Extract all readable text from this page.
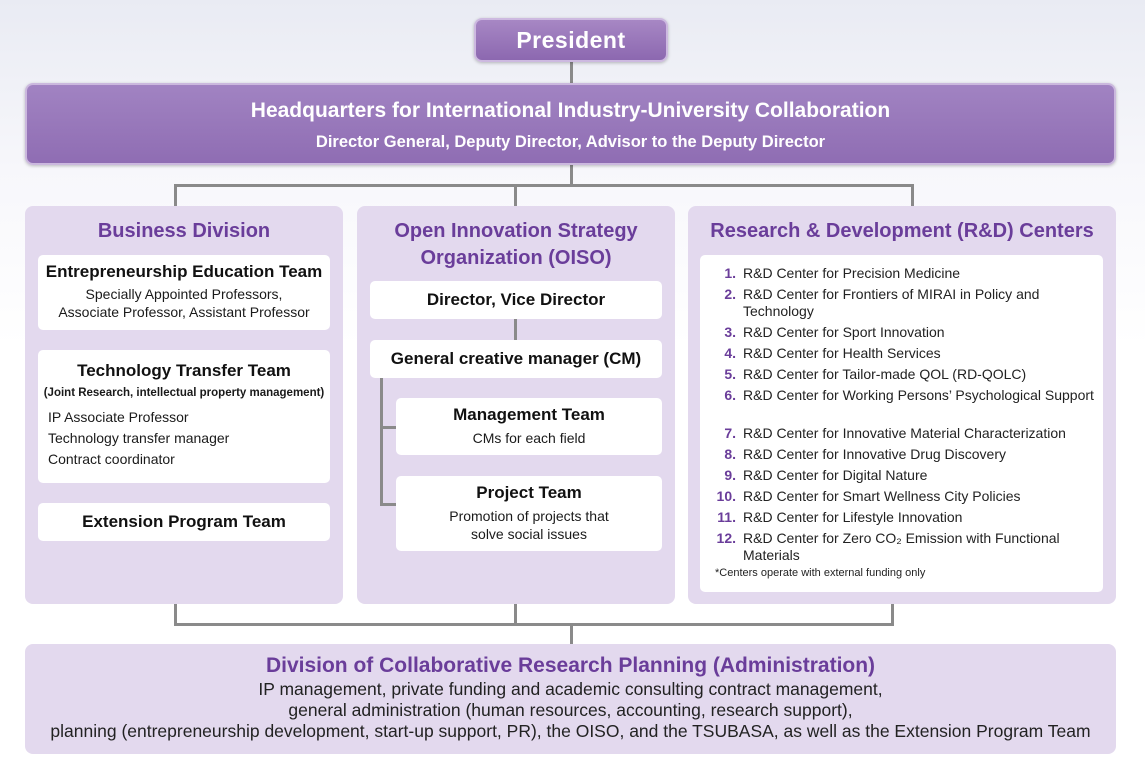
President
Headquarters for International Industry-University Collaboration
Director General, Deputy Director, Advisor to the Deputy Director
Business Division
Entrepreneurship Education Team
Specially Appointed Professors,
Associate Professor, Assistant Professor
Technology Transfer Team
(Joint Research, intellectual property management)
IP Associate Professor
Technology transfer manager
Contract coordinator
Extension Program Team
Open Innovation Strategy
Organization (OISO)
Director, Vice Director
General creative manager (CM)
Management Team
CMs for each field
Project Team
Promotion of projects that
solve social issues
Research & Development (R&D) Centers
1. R&D Center for Precision Medicine
2. R&D Center for Frontiers of MIRAI in Policy and Technology
3. R&D Center for Sport Innovation
4. R&D Center for Health Services
5. R&D Center for Tailor-made QOL (RD-QOLC)
6. R&D Center for Working Persons’ Psychological Support
7. R&D Center for Innovative Material Characterization
8. R&D Center for Innovative Drug Discovery
9. R&D Center for Digital Nature
10. R&D Center for Smart Wellness City Policies
11. R&D Center for Lifestyle Innovation
12. R&D Center for Zero CO₂ Emission with Functional Materials
*Centers operate with external funding only
Division of Collaborative Research Planning (Administration)
IP management, private funding and academic consulting contract management,
general administration (human resources, accounting, research support),
planning (entrepreneurship development, start-up support, PR), the OISO, and the TSUBASA, as well as the Extension Program Team
